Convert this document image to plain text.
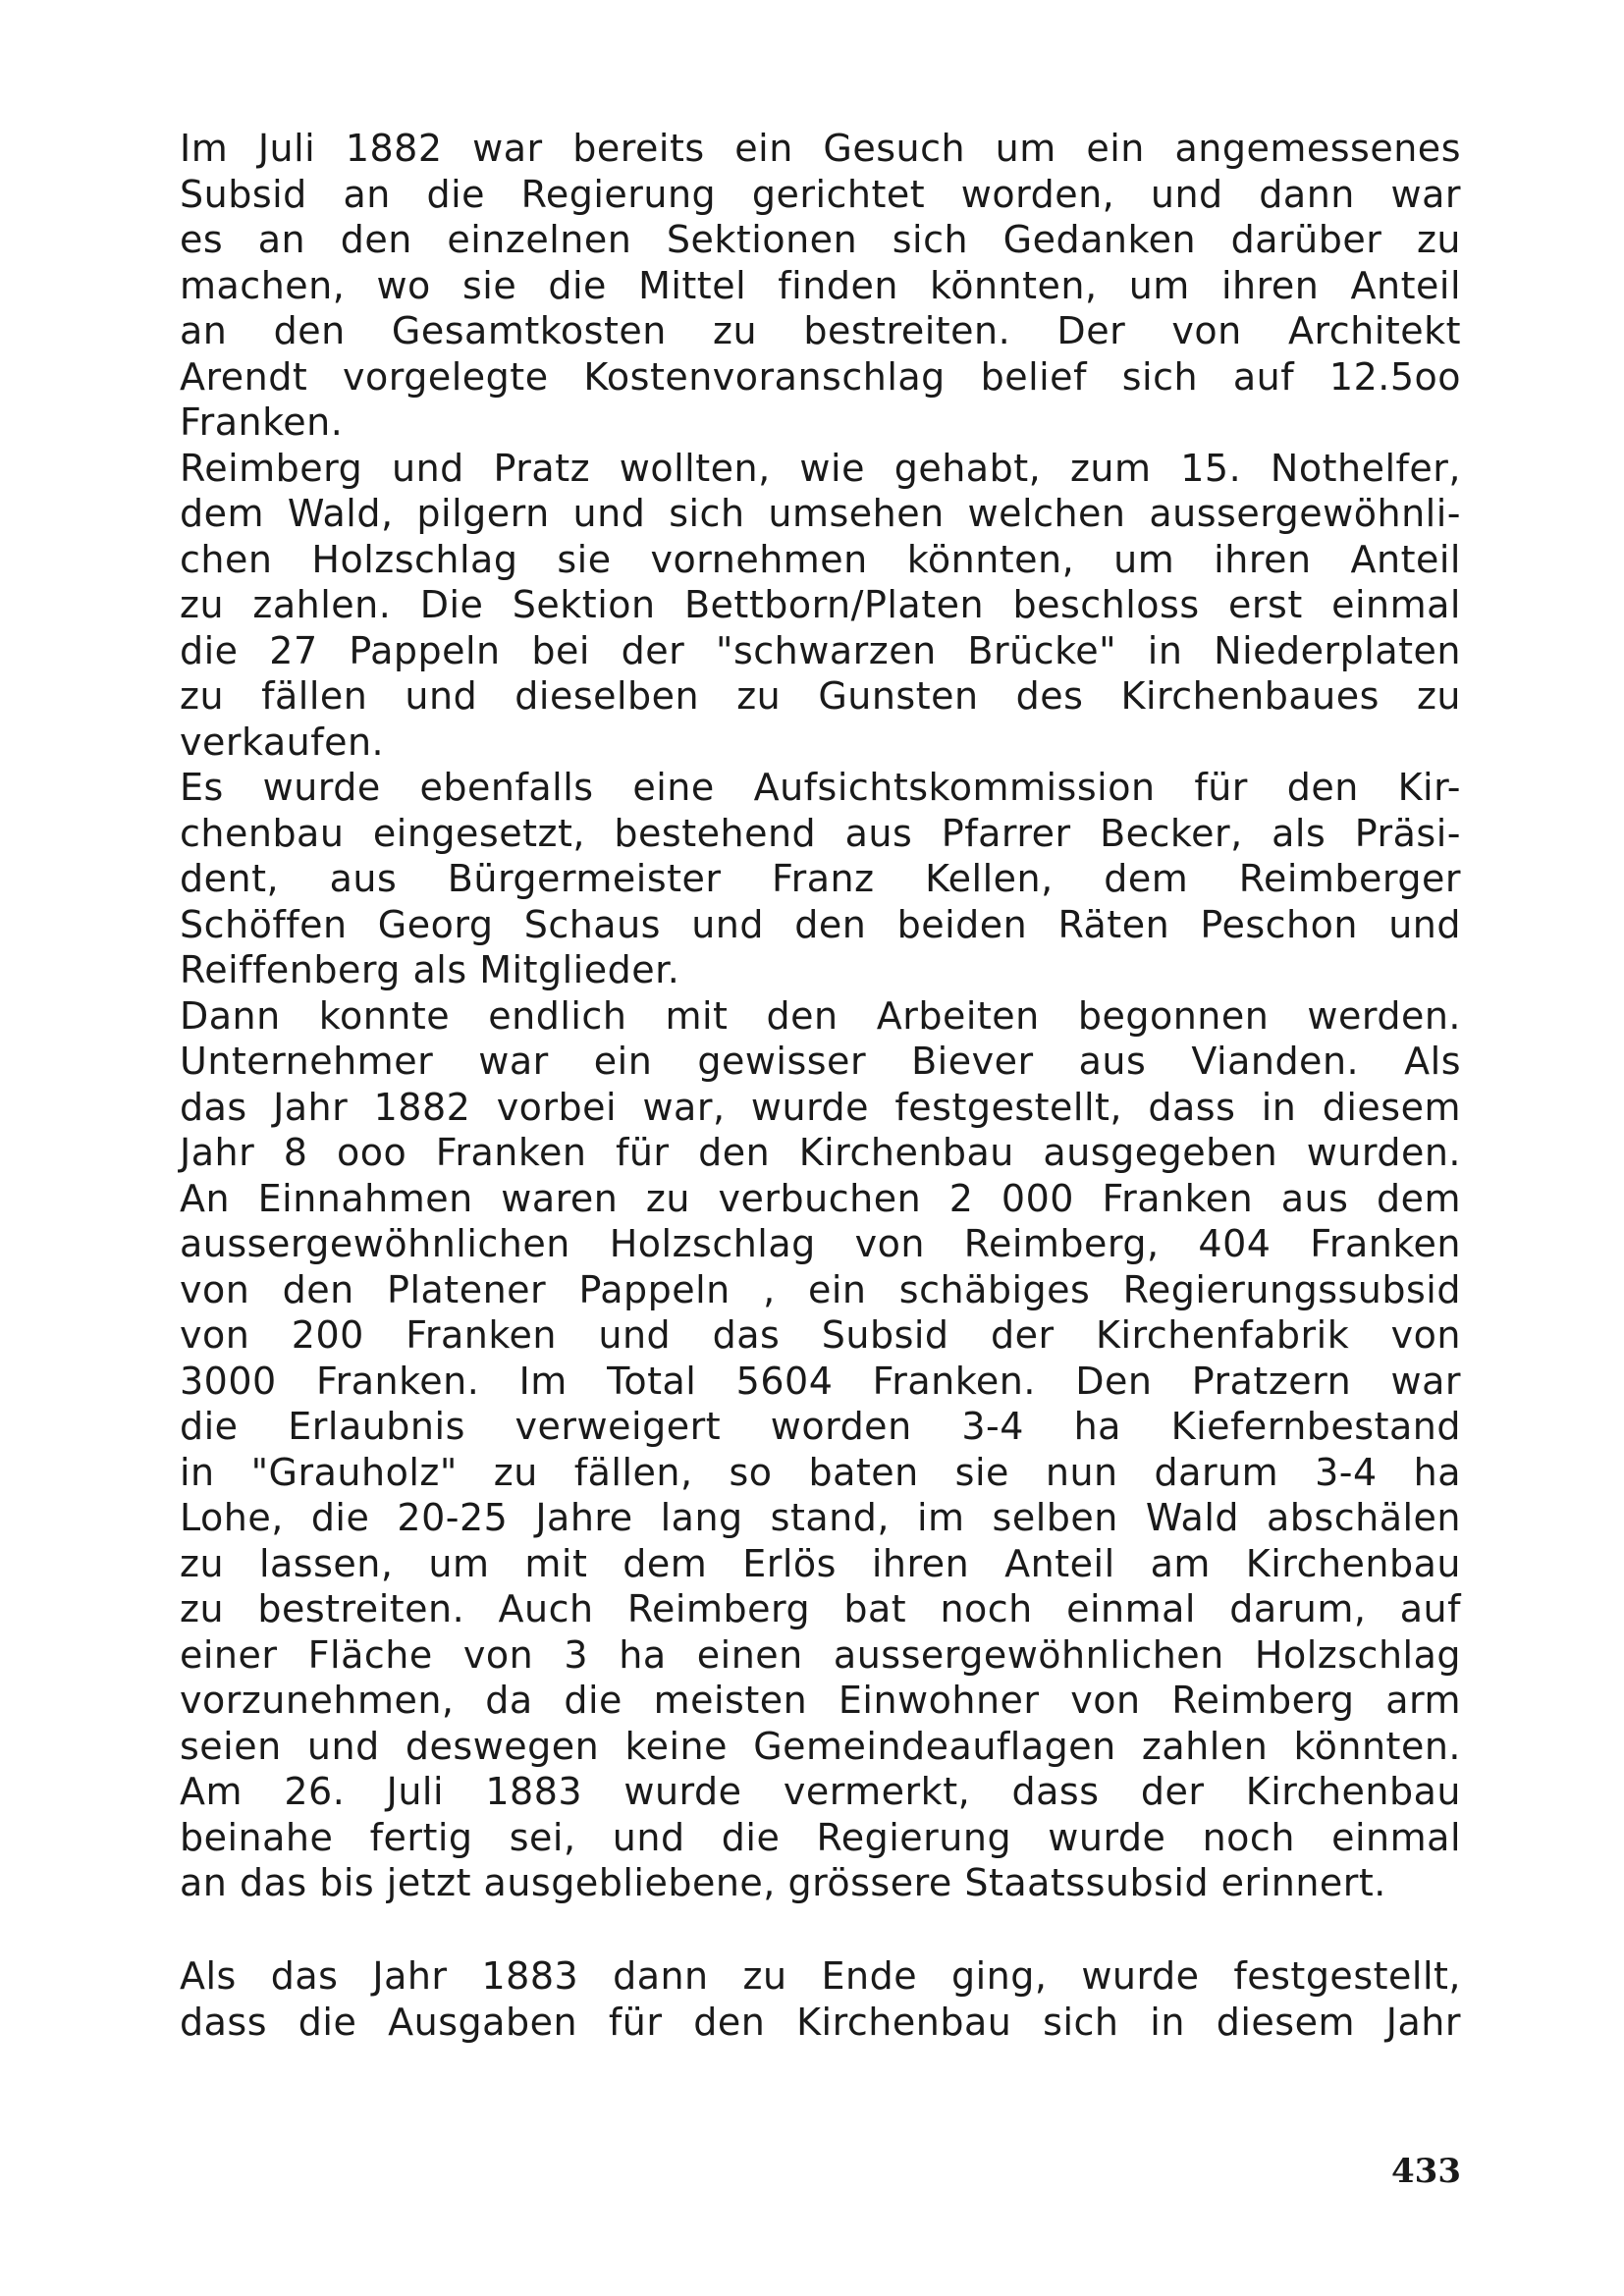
Im Juli 1882 war bereits ein Gesuch um ein angemessenes
Subsid an die Regierung gerichtet worden, und dann war
es an den einzelnen Sektionen sich Gedanken darüber zu
machen, wo sie die Mittel finden könnten, um ihren Anteil
an den Gesamtkosten zu bestreiten. Der von Architekt
Arendt vorgelegte Kostenvoranschlag belief sich auf 12.5oo
Franken.
Reimberg und Pratz wollten, wie gehabt, zum 15. Nothelfer,
dem Wald, pilgern und sich umsehen welchen aussergewöhnli-
chen Holzschlag sie vornehmen könnten, um ihren Anteil
zu zahlen. Die Sektion Bettborn/Platen beschloss erst einmal
die 27 Pappeln bei der "schwarzen Brücke" in Niederplaten
zu fällen und dieselben zu Gunsten des Kirchenbaues zu
verkaufen.
Es wurde ebenfalls eine Aufsichtskommission für den Kir-
chenbau eingesetzt, bestehend aus Pfarrer Becker, als Präsi-
dent, aus Bürgermeister Franz Kellen, dem Reimberger
Schöffen Georg Schaus und den beiden Räten Peschon und
Reiffenberg als Mitglieder.
Dann konnte endlich mit den Arbeiten begonnen werden.
Unternehmer war ein gewisser Biever aus Vianden. Als
das Jahr 1882 vorbei war, wurde festgestellt, dass in diesem
Jahr 8 ooo Franken für den Kirchenbau ausgegeben wurden.
An Einnahmen waren zu verbuchen 2 000 Franken aus dem
aussergewöhnlichen Holzschlag von Reimberg, 404 Franken
von den Platener Pappeln , ein schäbiges Regierungssubsid
von 200 Franken und das Subsid der Kirchenfabrik von
3000 Franken. Im Total 5604 Franken. Den Pratzern war
die Erlaubnis verweigert worden 3-4 ha Kiefernbestand
in "Grauholz" zu fällen, so baten sie nun darum 3-4 ha
Lohe, die 20-25 Jahre lang stand, im selben Wald abschälen
zu lassen, um mit dem Erlös ihren Anteil am Kirchenbau
zu bestreiten. Auch Reimberg bat noch einmal darum, auf
einer Fläche von 3 ha einen aussergewöhnlichen Holzschlag
vorzunehmen, da die meisten Einwohner von Reimberg arm
seien und deswegen keine Gemeindeauflagen zahlen könnten.
Am 26. Juli 1883 wurde vermerkt, dass der Kirchenbau
beinahe fertig sei, und die Regierung wurde noch einmal
an das bis jetzt ausgebliebene, grössere Staatssubsid erinnert.
Als das Jahr 1883 dann zu Ende ging, wurde festgestellt,
dass die Ausgaben für den Kirchenbau sich in diesem Jahr
433
